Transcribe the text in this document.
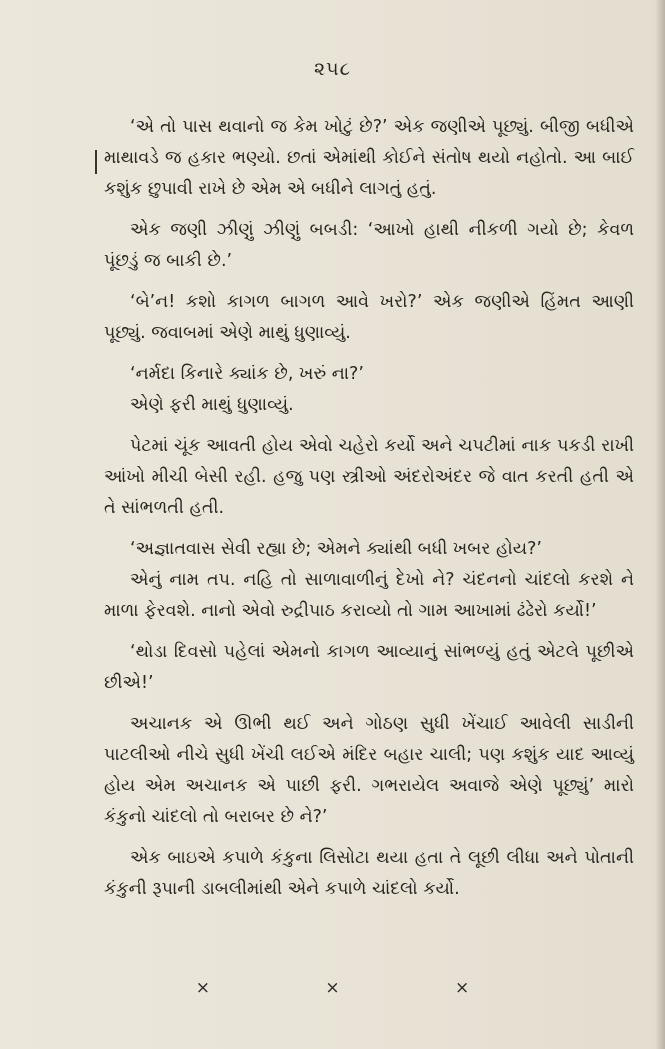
૨૫૮

‘એ તો પાસ થવાનો જ કેમ ખોટું છે?’ એક જણીએ પૂછ્યું. બીજી બધીએ માથાવડે જ હકાર ભણ્યો. છતાં એમાંથી કોઈને સંતોષ થયો નહોતો. આ બાઈ કશુંક છુપાવી રાખે છે એમ એ બધીને લાગતું હતું.

એક જણી ઝીણું ઝીણું બબડી: ‘આખો હાથી નીકળી ગયો છે; કેવળ પૂંછડું જ બાકી છે.’

‘બે’ન! કશો કાગળ બાગળ આવે ખરો?’ એક જણીએ હિંમત આણી પૂછ્યું. જવાબમાં એણે માથું ધુણાવ્યું.

‘નર્મદા કિનારે ક્યાંક છે, ખરું ના?’

એણે ફરી માથું ધુણાવ્યું.

પેટમાં ચૂંક આવતી હોય એવો ચહેરો કર્યો અને ચપટીમાં નાક પકડી રાખી આંખો મીચી બેસી રહી. હજુ પણ સ્ત્રીઓ અંદરોઅંદર જે વાત કરતી હતી એ તે સાંભળતી હતી.

‘અજ્ઞાતવાસ સેવી રહ્યા છે; એમને ક્યાંથી બધી ખબર હોય?’

એનું નામ તપ. નહિ તો સાળાવાળીનું દેખો ને? ચંદનનો ચાંદલો કરશે ને માળા ફેરવશે. નાનો એવો રુદ્રીપાઠ કરાવ્યો તો ગામ આખામાં ઢંઢેરો કર્યો!’

‘થોડા દિવસો પહેલાં એમનો કાગળ આવ્યાનું સાંભળ્યું હતું એટલે પૂછીએ છીએ!’

અચાનક એ ઊભી થઈ અને ગોઠણ સુધી ખેંચાઈ આવેલી સાડીની પાટલીઓ નીચે સુધી ખેંચી લઈએ મંદિર બહાર ચાલી; પણ કશુંક યાદ આવ્યું હોય એમ અચાનક એ પાછી ફરી. ગભરાયેલ અવાજે એણે પૂછ્યું’ મારો કંકુનો ચાંદલો તો બરાબર છે ને?’

એક બાઇએ કપાળે કંકુના લિસોટા થયા હતા તે લૂછી લીધા અને પોતાની કંકુની રૂપાની ડાબલીમાંથી એને કપાળે ચાંદલો કર્યો.

× × ×
